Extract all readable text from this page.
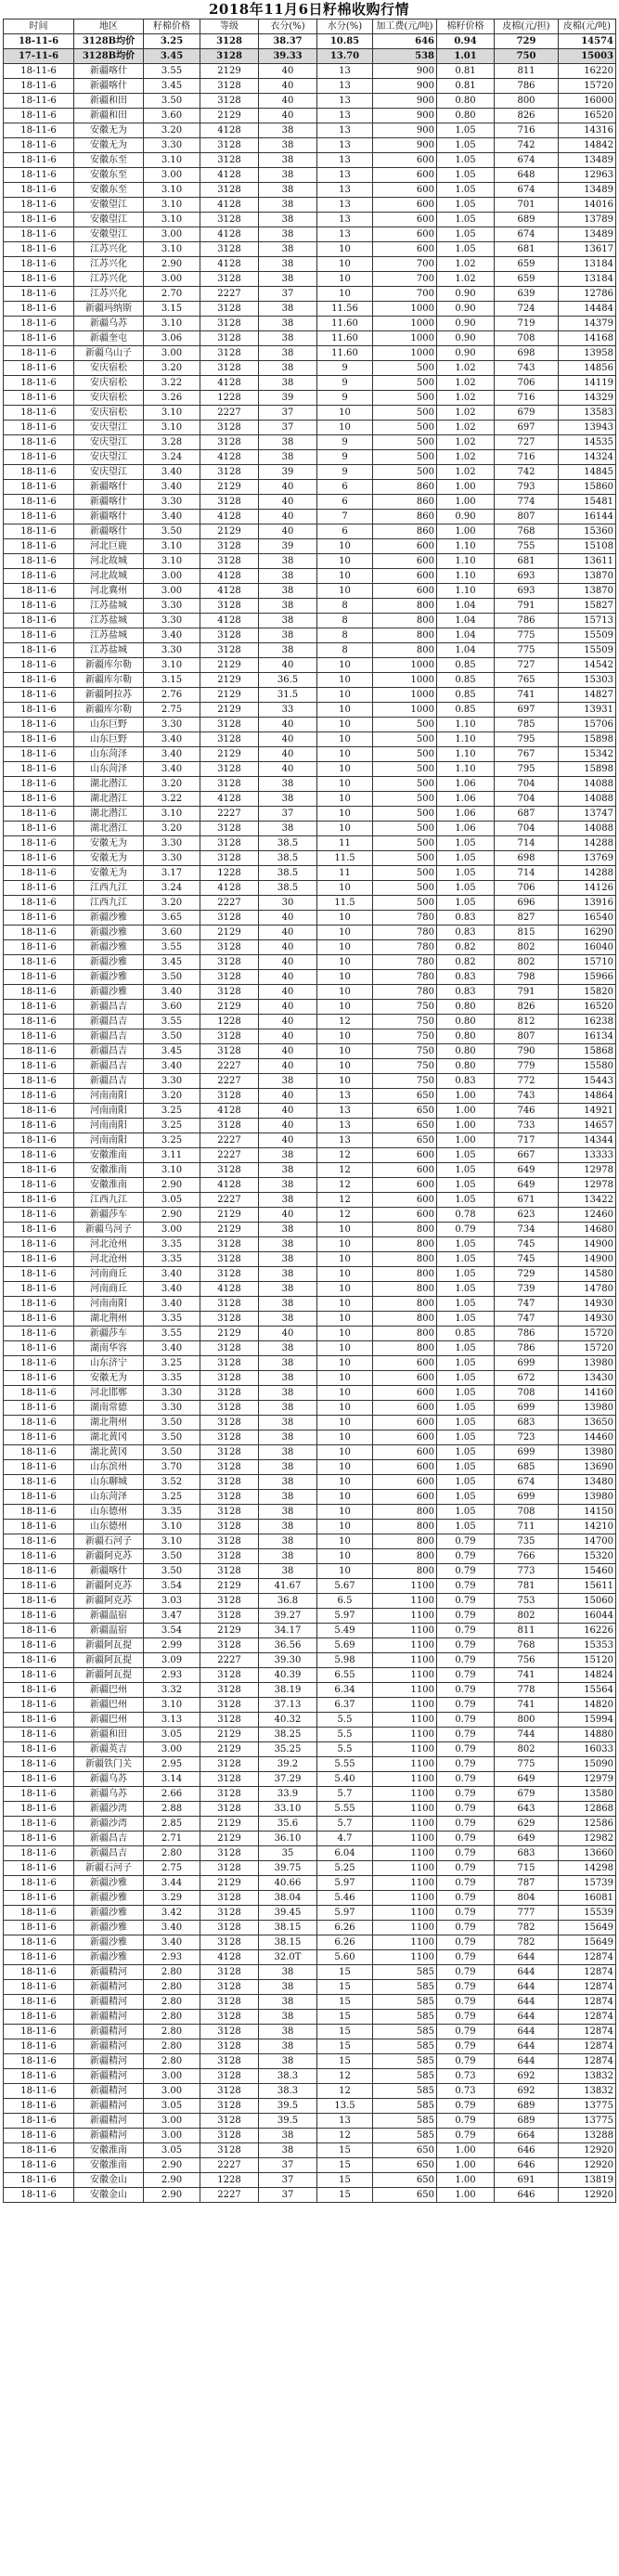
2018年11月6日籽棉收购行情
时间	地区	籽棉价格	等级	衣分(%)	水分(%)	加工费(元/吨)	棉籽价格	皮棉(元/担)	皮棉(元/吨)
18-11-6	3128B均价	3.25	3128	38.37	10.85	646	0.94	729	14574
17-11-6	3128B均价	3.45	3128	39.33	13.70	538	1.01	750	15003
18-11-6	新疆喀什	3.55	2129	40	13	900	0.81	811	16220
18-11-6	新疆喀什	3.45	3128	40	13	900	0.81	786	15720
18-11-6	新疆和田	3.50	3128	40	13	900	0.80	800	16000
18-11-6	新疆和田	3.60	2129	40	13	900	0.80	826	16520
18-11-6	安徽无为	3.20	4128	38	13	900	1.05	716	14316
18-11-6	安徽无为	3.30	3128	38	13	900	1.05	742	14842
18-11-6	安徽东至	3.10	3128	38	13	600	1.05	674	13489
18-11-6	安徽东至	3.00	4128	38	13	600	1.05	648	12963
18-11-6	安徽东至	3.10	3128	38	13	600	1.05	674	13489
18-11-6	安徽望江	3.10	4128	38	13	600	1.05	701	14016
18-11-6	安徽望江	3.10	3128	38	13	600	1.05	689	13789
18-11-6	安徽望江	3.00	4128	38	13	600	1.05	674	13489
18-11-6	江苏兴化	3.10	3128	38	10	600	1.05	681	13617
18-11-6	江苏兴化	2.90	4128	38	10	700	1.02	659	13184
18-11-6	江苏兴化	3.00	3128	38	10	700	1.02	659	13184
18-11-6	江苏兴化	2.70	2227	37	10	700	0.90	639	12786
18-11-6	新疆玛纳斯	3.15	3128	38	11.56	1000	0.90	724	14484
18-11-6	新疆乌苏	3.10	3128	38	11.60	1000	0.90	719	14379
18-11-6	新疆奎屯	3.06	3128	38	11.60	1000	0.90	708	14168
18-11-6	新疆乌山子	3.00	3128	38	11.60	1000	0.90	698	13958
18-11-6	安庆宿松	3.20	3128	38	9	500	1.02	743	14856
18-11-6	安庆宿松	3.22	4128	38	9	500	1.02	706	14119
18-11-6	安庆宿松	3.26	1228	39	9	500	1.02	716	14329
18-11-6	安庆宿松	3.10	2227	37	10	500	1.02	679	13583
18-11-6	安庆望江	3.10	3128	37	10	500	1.02	697	13943
18-11-6	安庆望江	3.28	3128	38	9	500	1.02	727	14535
18-11-6	安庆望江	3.24	4128	38	9	500	1.02	716	14324
18-11-6	安庆望江	3.40	3128	39	9	500	1.02	742	14845
18-11-6	新疆喀什	3.40	2129	40	6	860	1.00	793	15860
18-11-6	新疆喀什	3.30	3128	40	6	860	1.00	774	15481
18-11-6	新疆喀什	3.40	4128	40	7	860	0.90	807	16144
18-11-6	新疆喀什	3.50	2129	40	6	860	1.00	768	15360
18-11-6	河北巨鹿	3.10	3128	39	10	600	1.10	755	15108
18-11-6	河北故城	3.10	3128	38	10	600	1.10	681	13611
18-11-6	河北故城	3.00	4128	38	10	600	1.10	693	13870
18-11-6	河北冀州	3.00	4128	38	10	600	1.10	693	13870
18-11-6	江苏盐城	3.30	3128	38	8	800	1.04	791	15827
18-11-6	江苏盐城	3.30	4128	38	8	800	1.04	786	15713
18-11-6	江苏盐城	3.40	3128	38	8	800	1.04	775	15509
18-11-6	江苏盐城	3.30	3128	38	8	800	1.04	775	15509
18-11-6	新疆库尔勒	3.10	2129	40	10	1000	0.85	727	14542
18-11-6	新疆库尔勒	3.15	2129	36.5	10	1000	0.85	765	15303
18-11-6	新疆阿拉苏	2.76	2129	31.5	10	1000	0.85	741	14827
18-11-6	新疆库尔勒	2.75	2129	33	10	1000	0.85	697	13931
18-11-6	山东巨野	3.30	3128	40	10	500	1.10	785	15706
18-11-6	山东巨野	3.40	3128	40	10	500	1.10	795	15898
18-11-6	山东菏泽	3.40	2129	40	10	500	1.10	767	15342
18-11-6	山东菏泽	3.40	3128	40	10	500	1.10	795	15898
18-11-6	湖北潜江	3.20	3128	38	10	500	1.06	704	14088
18-11-6	湖北潜江	3.22	4128	38	10	500	1.06	704	14088
18-11-6	湖北潜江	3.10	2227	37	10	500	1.06	687	13747
18-11-6	湖北潜江	3.20	3128	38	10	500	1.06	704	14088
18-11-6	安徽无为	3.30	3128	38.5	11	500	1.05	714	14288
18-11-6	安徽无为	3.30	3128	38.5	11.5	500	1.05	698	13769
18-11-6	安徽无为	3.17	1228	38.5	11	500	1.05	714	14288
18-11-6	江西九江	3.24	4128	38.5	10	500	1.05	706	14126
18-11-6	江西九江	3.20	2227	30	11.5	500	1.05	696	13916
18-11-6	新疆沙雅	3.65	3128	40	10	780	0.83	827	16540
18-11-6	新疆沙雅	3.60	2129	40	10	780	0.83	815	16290
18-11-6	新疆沙雅	3.55	3128	40	10	780	0.82	802	16040
18-11-6	新疆沙雅	3.45	3128	40	10	780	0.82	802	15710
18-11-6	新疆沙雅	3.50	3128	40	10	780	0.83	798	15966
18-11-6	新疆沙雅	3.40	3128	40	10	780	0.83	791	15820
18-11-6	新疆昌吉	3.60	2129	40	10	750	0.80	826	16520
18-11-6	新疆昌吉	3.55	1228	40	12	750	0.80	812	16238
18-11-6	新疆昌吉	3.50	3128	40	10	750	0.80	807	16134
18-11-6	新疆昌吉	3.45	3128	40	10	750	0.80	790	15868
18-11-6	新疆昌吉	3.40	2227	40	10	750	0.80	779	15580
18-11-6	新疆昌吉	3.30	2227	38	10	750	0.83	772	15443
18-11-6	河南南阳	3.20	3128	40	13	650	1.00	743	14864
18-11-6	河南南阳	3.25	4128	40	13	650	1.00	746	14921
18-11-6	河南南阳	3.25	3128	40	13	650	1.00	733	14657
18-11-6	河南南阳	3.25	2227	40	13	650	1.00	717	14344
18-11-6	安徽淮南	3.11	2227	38	12	600	1.05	667	13333
18-11-6	安徽淮南	3.10	3128	38	12	600	1.05	649	12978
18-11-6	安徽淮南	2.90	4128	38	12	600	1.05	649	12978
18-11-6	江西九江	3.05	2227	38	12	600	1.05	671	13422
18-11-6	新疆莎车	2.90	2129	40	12	600	0.78	623	12460
18-11-6	新疆乌河子	3.00	2129	38	10	800	0.79	734	14680
18-11-6	河北沧州	3.35	3128	38	10	800	1.05	745	14900
18-11-6	河北沧州	3.35	3128	38	10	800	1.05	745	14900
18-11-6	河南商丘	3.40	3128	38	10	800	1.05	729	14580
18-11-6	河南商丘	3.40	4128	38	10	800	1.05	739	14780
18-11-6	河南南阳	3.40	3128	38	10	800	1.05	747	14930
18-11-6	湖北荆州	3.35	3128	38	10	800	1.05	747	14930
18-11-6	新疆莎车	3.55	2129	40	10	800	0.85	786	15720
18-11-6	湖南华容	3.40	3128	38	10	800	1.05	786	15720
18-11-6	山东济宁	3.25	3128	38	10	600	1.05	699	13980
18-11-6	安徽无为	3.35	3128	38	10	600	1.05	672	13430
18-11-6	河北邯郸	3.30	3128	38	10	600	1.05	708	14160
18-11-6	湖南常德	3.30	3128	38	10	600	1.05	699	13980
18-11-6	湖北荆州	3.50	3128	38	10	600	1.05	683	13650
18-11-6	湖北黄冈	3.50	3128	38	10	600	1.05	723	14460
18-11-6	湖北黄冈	3.50	3128	38	10	600	1.05	699	13980
18-11-6	山东滨州	3.70	3128	38	10	600	1.05	685	13690
18-11-6	山东聊城	3.52	3128	38	10	600	1.05	674	13480
18-11-6	山东菏泽	3.25	3128	38	10	600	1.05	699	13980
18-11-6	山东德州	3.35	3128	38	10	800	1.05	708	14150
18-11-6	山东德州	3.10	3128	38	10	800	1.05	711	14210
18-11-6	新疆石河子	3.10	3128	38	10	800	0.79	735	14700
18-11-6	新疆阿克苏	3.50	3128	38	10	800	0.79	766	15320
18-11-6	新疆喀什	3.50	3128	38	10	800	0.79	773	15460
18-11-6	新疆阿克苏	3.54	2129	41.67	5.67	1100	0.79	781	15611
18-11-6	新疆阿克苏	3.03	3128	36.8	6.5	1100	0.79	753	15060
18-11-6	新疆温宿	3.47	3128	39.27	5.97	1100	0.79	802	16044
18-11-6	新疆温宿	3.54	2129	34.17	5.49	1100	0.79	811	16226
18-11-6	新疆阿瓦提	2.99	3128	36.56	5.69	1100	0.79	768	15353
18-11-6	新疆阿瓦提	3.09	2227	39.30	5.98	1100	0.79	756	15120
18-11-6	新疆阿瓦提	2.93	3128	40.39	6.55	1100	0.79	741	14824
18-11-6	新疆巴州	3.32	3128	38.19	6.34	1100	0.79	778	15564
18-11-6	新疆巴州	3.10	3128	37.13	6.37	1100	0.79	741	14820
18-11-6	新疆巴州	3.13	3128	40.32	5.5	1100	0.79	800	15994
18-11-6	新疆和田	3.05	2129	38.25	5.5	1100	0.79	744	14880
18-11-6	新疆英吉	3.00	2129	35.25	5.5	1100	0.79	802	16033
18-11-6	新疆铁门关	2.95	3128	39.2	5.55	1100	0.79	775	15090
18-11-6	新疆乌苏	3.14	3128	37.29	5.40	1100	0.79	649	12979
18-11-6	新疆乌苏	2.66	3128	33.9	5.7	1100	0.79	679	13580
18-11-6	新疆沙湾	2.88	3128	33.10	5.55	1100	0.79	643	12868
18-11-6	新疆沙湾	2.85	2129	35.6	5.7	1100	0.79	629	12586
18-11-6	新疆昌吉	2.71	2129	36.10	4.7	1100	0.79	649	12982
18-11-6	新疆昌吉	2.80	3128	35	6.04	1100	0.79	683	13660
18-11-6	新疆石河子	2.75	3128	39.75	5.25	1100	0.79	715	14298
18-11-6	新疆沙雅	3.44	2129	40.66	5.97	1100	0.79	787	15739
18-11-6	新疆沙雅	3.29	3128	38.04	5.46	1100	0.79	804	16081
18-11-6	新疆沙雅	3.42	3128	39.45	5.97	1100	0.79	777	15539
18-11-6	新疆沙雅	3.40	3128	38.15	6.26	1100	0.79	782	15649
18-11-6	新疆沙雅	3.40	3128	38.15	6.26	1100	0.79	782	15649
18-11-6	新疆沙雅	2.93	4128	32.0T	5.60	1100	0.79	644	12874
18-11-6	新疆精河	2.80	3128	38	15	585	0.79	644	12874
18-11-6	新疆精河	2.80	3128	38	15	585	0.79	644	12874
18-11-6	新疆精河	2.80	3128	38	15	585	0.79	644	12874
18-11-6	新疆精河	2.80	3128	38	15	585	0.79	644	12874
18-11-6	新疆精河	2.80	3128	38	15	585	0.79	644	12874
18-11-6	新疆精河	2.80	3128	38	15	585	0.79	644	12874
18-11-6	新疆精河	2.80	3128	38	15	585	0.79	644	12874
18-11-6	新疆精河	3.00	3128	38.3	12	585	0.73	692	13832
18-11-6	新疆精河	3.00	3128	38.3	12	585	0.73	692	13832
18-11-6	新疆精河	3.05	3128	39.5	13.5	585	0.79	689	13775
18-11-6	新疆精河	3.00	3128	39.5	13	585	0.79	689	13775
18-11-6	新疆精河	3.00	3128	38	12	585	0.79	664	13288
18-11-6	安徽淮南	3.05	3128	38	15	650	1.00	646	12920
18-11-6	安徽淮南	2.90	2227	37	15	650	1.00	646	12920
18-11-6	安徽金山	2.90	1228	37	15	650	1.00	691	13819
18-11-6	安徽金山	2.90	2227	37	15	650	1.00	646	12920
